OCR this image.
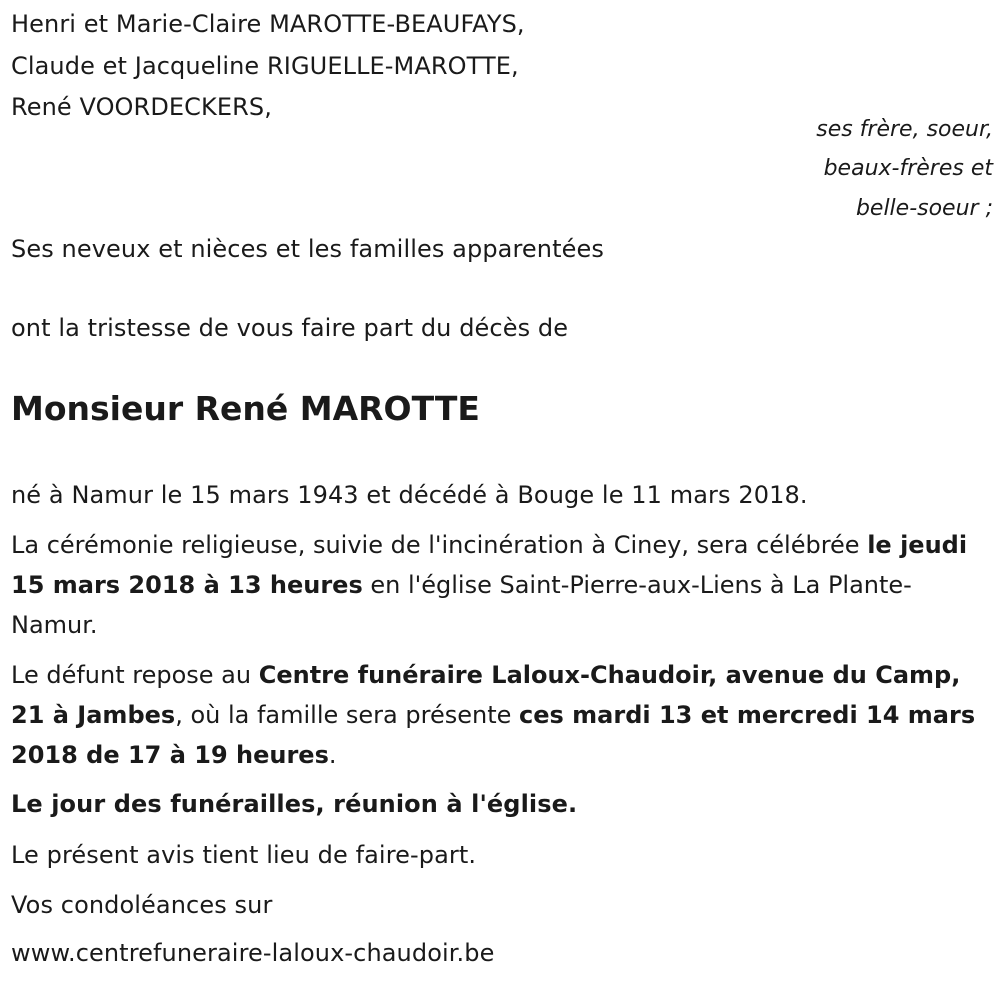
Henri et Marie-Claire MAROTTE-BEAUFAYS,
Claude et Jacqueline RIGUELLE-MAROTTE,
René VOORDECKERS,
ses frère, soeur,
beaux-frères et
belle-soeur ;
Ses neveux et nièces et les familles apparentées
ont la tristesse de vous faire part du décès de
Monsieur René MAROTTE
né à Namur le 15 mars 1943 et décédé à Bouge le 11 mars 2018.
La cérémonie religieuse, suivie de l'incinération à Ciney, sera célébrée le jeudi 15 mars 2018 à 13 heures en l'église Saint-Pierre-aux-Liens à La Plante-Namur.
Le défunt repose au Centre funéraire Laloux-Chaudoir, avenue du Camp, 21 à Jambes, où la famille sera présente ces mardi 13 et mercredi 14 mars 2018 de 17 à 19 heures.
Le jour des funérailles, réunion à l'église.
Le présent avis tient lieu de faire-part.
Vos condoléances sur
www.centrefuneraire-laloux-chaudoir.be
